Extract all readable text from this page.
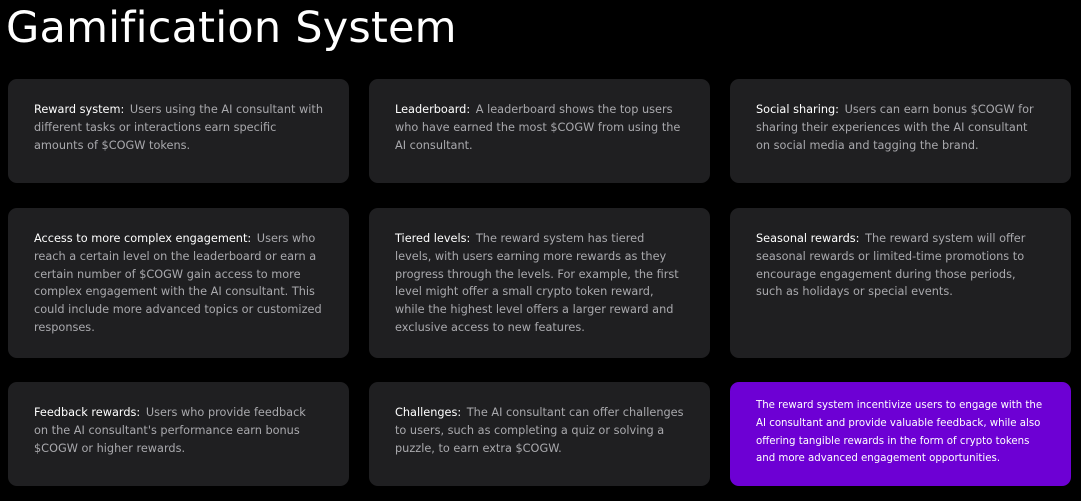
Gamification System
Reward system: Users using the AI consultant with different tasks or interactions earn specific amounts of $COGW tokens.
Leaderboard: A leaderboard shows the top users who have earned the most $COGW from using the AI consultant.
Social sharing: Users can earn bonus $COGW for sharing their experiences with the AI consultant on social media and tagging the brand.
Access to more complex engagement: Users who reach a certain level on the leaderboard or earn a certain number of $COGW gain access to more complex engagement with the AI consultant. This could include more advanced topics or customized responses.
Tiered levels: The reward system has tiered levels, with users earning more rewards as they progress through the levels. For example, the first level might offer a small crypto token reward, while the highest level offers a larger reward and exclusive access to new features.
Seasonal rewards: The reward system will offer seasonal rewards or limited-time promotions to encourage engagement during those periods, such as holidays or special events.
Feedback rewards: Users who provide feedback on the AI consultant's performance earn bonus $COGW or higher rewards.
Challenges: The AI consultant can offer challenges to users, such as completing a quiz or solving a puzzle, to earn extra $COGW.
The reward system incentivize users to engage with the AI consultant and provide valuable feedback, while also offering tangible rewards in the form of crypto tokens and more advanced engagement opportunities.
